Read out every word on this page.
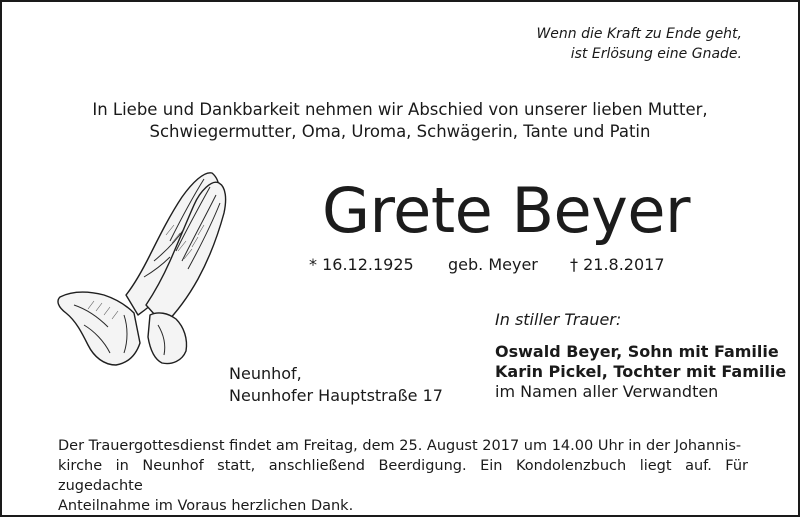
Wenn die Kraft zu Ende geht,
ist Erlösung eine Gnade.
In Liebe und Dankbarkeit nehmen wir Abschied von unserer lieben Mutter,
Schwiegermutter, Oma, Uroma, Schwägerin, Tante und Patin
Grete Beyer
* 16.12.1925 geb. Meyer † 21.8.2017
Neunhof,
Neunhofer Hauptstraße 17
In stiller Trauer:
Oswald Beyer, Sohn mit Familie
Karin Pickel, Tochter mit Familie
im Namen aller Verwandten
Der Trauergottesdienst findet am Freitag, dem 25. August 2017 um 14.00 Uhr in der Johannis-
kirche in Neunhof statt, anschließend Beerdigung. Ein Kondolenzbuch liegt auf. Für zugedachte
Anteilnahme im Voraus herzlichen Dank.
